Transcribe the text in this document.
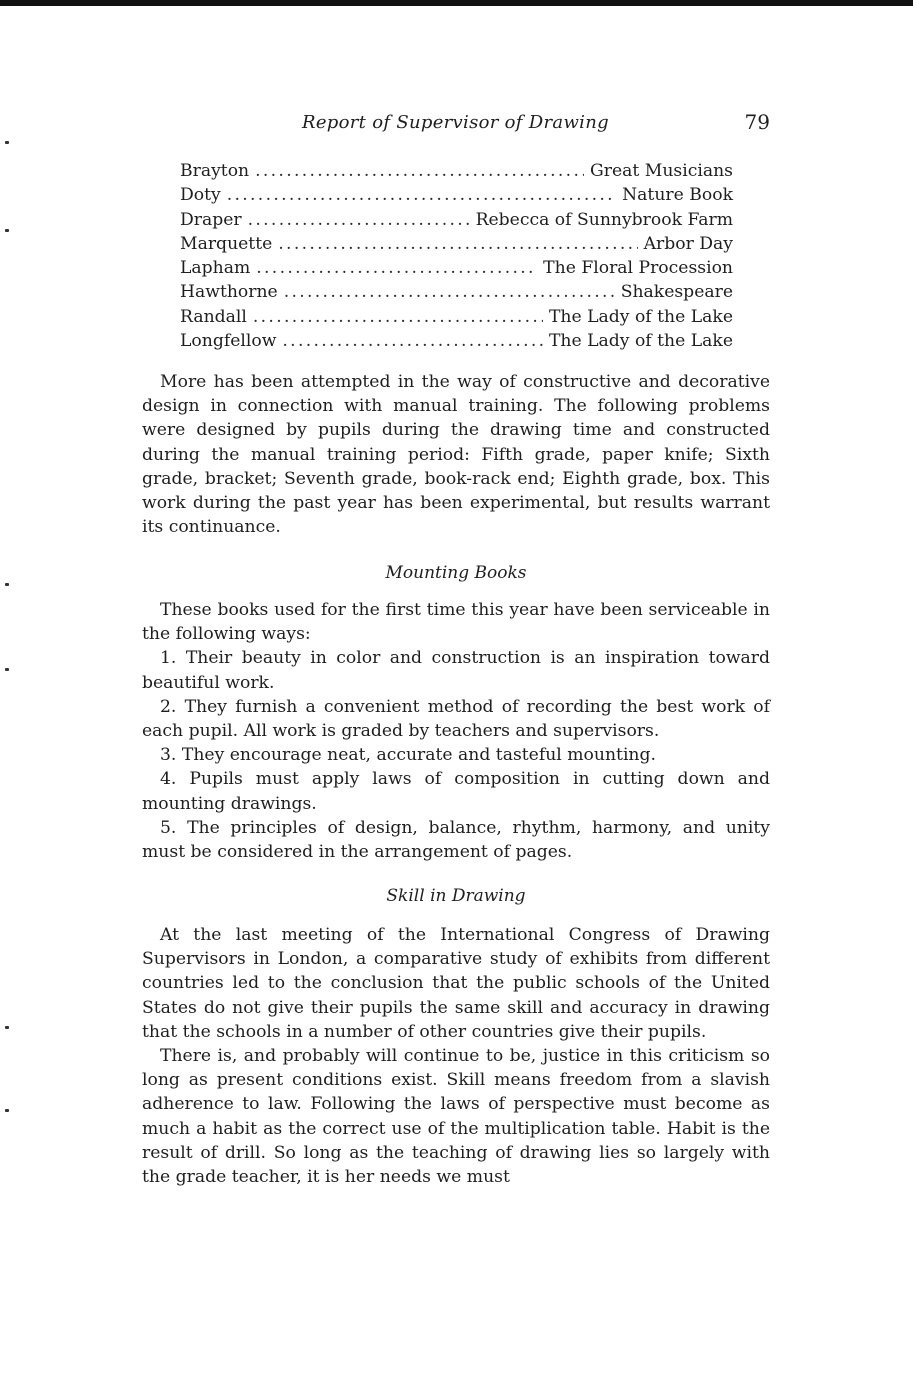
Report of Supervisor of Drawing	79
Brayton .....	Great Musicians
Doty .....	Nature Book
Draper .....	Rebecca of Sunnybrook Farm
Marquette .....	Arbor Day
Lapham .....	The Floral Procession
Hawthorne .....	Shakespeare
Randall .....	The Lady of the Lake
Longfellow .....	The Lady of the Lake

More has been attempted in the way of constructive and decorative design in connection with manual training. The following problems were designed by pupils during the drawing time and constructed during the manual training period: Fifth grade, paper knife; Sixth grade, bracket; Seventh grade, book-rack end; Eighth grade, box. This work during the past year has been experimental, but results warrant its continuance.

Mounting Books

These books used for the first time this year have been serviceable in the following ways:

1. Their beauty in color and construction is an inspiration toward beautiful work.

2. They furnish a convenient method of recording the best work of each pupil. All work is graded by teachers and supervisors.

3. They encourage neat, accurate and tasteful mounting.

4. Pupils must apply laws of composition in cutting down and mounting drawings.

5. The principles of design, balance, rhythm, harmony, and unity must be considered in the arrangement of pages.

Skill in Drawing

At the last meeting of the International Congress of Drawing Supervisors in London, a comparative study of exhibits from different countries led to the conclusion that the public schools of the United States do not give their pupils the same skill and accuracy in drawing that the schools in a number of other countries give their pupils.

There is, and probably will continue to be, justice in this criticism so long as present conditions exist. Skill means freedom from a slavish adherence to law. Following the laws of perspective must become as much a habit as the correct use of the multiplication table. Habit is the result of drill. So long as the teaching of drawing lies so largely with the grade teacher, it is her needs we must
